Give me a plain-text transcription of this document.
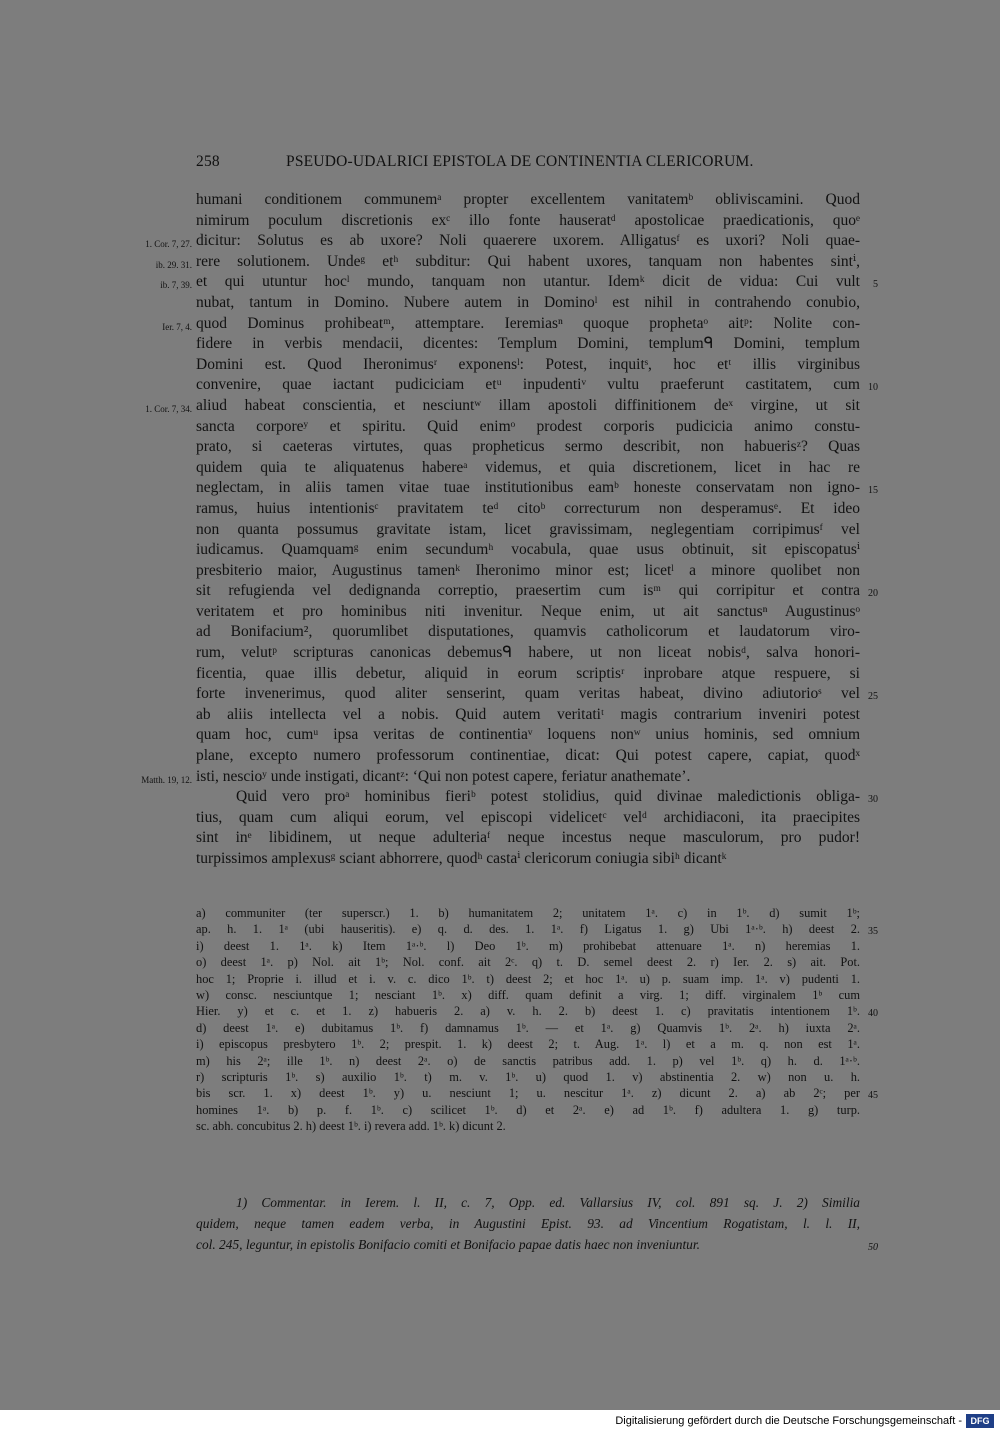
258	PSEUDO-UDALRICI EPISTOLA DE CONTINENTIA CLERICORUM.
humani conditionem communemᵃ propter excellentem vanitatemᵇ obliviscamini. Quod
nimirum poculum discretionis exᶜ illo fonte hauseratᵈ apostolicae praedicationis, quoᵉ
dicitur: Solutus es ab uxore? Noli quaerere uxorem. Alligatusᶠ es uxori? Noli quae-
1. Cor. 7, 27.
rere solutionem. Undeᵍ etʰ subditur: Qui habent uxores, tanquam non habentes sintⁱ,
ib. 29. 31.
et qui utuntur hocˡ mundo, tanquam non utantur. Idemᵏ dicit de vidua: Cui vult
ib. 7, 39.	5
nubat, tantum in Domino. Nubere autem in Dominoˡ est nihil in contrahendo conubio,
quod Dominus prohibeatᵐ, attemptare. Ieremiasⁿ quoque prophetaᵒ aitᵖ: Nolite con-
Ier. 7, 4.
fidere in verbis mendacii, dicentes: Templum Domini, templumᑫ Domini, templum
Domini est. Quod Iheronimusʳ exponensˡ: Potest, inquitˢ, hoc etᵗ illis virginibus
convenire, quae iactant pudiciciam etᵘ inpudentiᵛ vultu praeferunt castitatem, cum 10
aliud habeat conscientia, et nesciuntʷ illam apostoli diffinitionem deˣ virgine, ut sit
1. Cor. 7, 34.
sancta corporeʸ et spiritu. Quid enimᵒ prodest corporis pudicicia animo constu-
prato, si caeteras virtutes, quas propheticus sermo describit, non habuerisᶻ? Quas
quidem quia te aliquatenus habereᵃ videmus, et quia discretionem, licet in hac re
neglectam, in aliis tamen vitae tuae institutionibus eamᵇ honeste conservatam non igno- 15
ramus, huius intentionisᶜ pravitatem teᵈ citoᵇ correcturum non desperamusᵉ. Et ideo
non quanta possumus gravitate istam, licet gravissimam, neglegentiam corripimusᶠ vel
iudicamus. Quamquamᵍ enim secundumʰ vocabula, quae usus obtinuit, sit episcopatusⁱ
presbiterio maior, Augustinus tamenᵏ Iheronimo minor est; licetˡ a minore quolibet non
sit refugienda vel dedignanda correptio, praesertim cum isᵐ qui corripitur et contra 20
veritatem et pro hominibus niti invenitur. Neque enim, ut ait sanctusⁿ Augustinusᵒ
ad Bonifacium², quorumlibet disputationes, quamvis catholicorum et laudatorum viro-
rum, velutᵖ scripturas canonicas debemusᑫ habere, ut non liceat nobisᵈ, salva honori-
ficentia, quae illis debetur, aliquid in eorum scriptisʳ inprobare atque respuere, si
forte invenerimus, quod aliter senserint, quam veritas habeat, divino adiutorioˢ vel 25
ab aliis intellecta vel a nobis. Quid autem veritatiᵗ magis contrarium inveniri potest
quam hoc, cumᵘ ipsa veritas de continentiaᵛ loquens nonʷ unius hominis, sed omnium
plane, excepto numero professorum continentiae, dicat: Qui potest capere, capiat, quodˣ
isti, nescioʸ unde instigati, dicantᶻ: ‘Qui non potest capere, feriatur anathemate’.
Matth. 19, 12.
Quid vero proᵃ hominibus fieriᵇ potest stolidius, quid divinae maledictionis obliga- 30
tius, quam cum aliqui eorum, vel episcopi videlicetᶜ velᵈ archidiaconi, ita praecipites
sint inᵉ libidinem, ut neque adulteriaᶠ neque incestus neque masculorum, pro pudor!
turpissimos amplexusᵍ sciant abhorrere, quodʰ castaⁱ clericorum coniugia sibiʰ dicantᵏ
a) communiter (ter superscr.) 1. b) humanitatem 2; unitatem 1ᵃ. c) in 1ᵇ. d) sumit 1ᵇ;
ap. h. 1. 1ᵃ (ubi hauseritis). e) q. d. des. 1. 1ᵃ. f) Ligatus 1. g) Ubi 1ᵃ·ᵇ. h) deest 2. 35
i) deest 1. 1ᵃ. k) Item 1ᵃ·ᵇ. l) Deo 1ᵇ. m) prohibebat attenuare 1ᵃ. n) heremias 1.
o) deest 1ᵃ. p) Nol. ait 1ᵇ; Nol. conf. ait 2ᶜ. q) t. D. semel deest 2. r) Ier. 2. s) ait. Pot.
hoc 1; Proprie i. illud et i. v. c. dico 1ᵇ. t) deest 2; et hoc 1ᵃ. u) p. suam imp. 1ᵃ. v) pudenti 1.
w) consc. nesciuntque 1; nesciant 1ᵇ. x) diff. quam definit a virg. 1; diff. virginalem 1ᵇ cum
Hier. y) et c. et 1. z) habueris 2. a) v. h. 2. b) deest 1. c) pravitatis intentionem 1ᵇ. 40
d) deest 1ᵃ. e) dubitamus 1ᵇ. f) damnamus 1ᵇ. — et 1ᵃ. g) Quamvis 1ᵇ. 2ᵃ. h) iuxta 2ᵃ.
i) episcopus presbytero 1ᵇ. 2; prespit. 1. k) deest 2; t. Aug. 1ᵃ. l) et a m. q. non est 1ᵃ.
m) his 2ᵃ; ille 1ᵇ. n) deest 2ᵃ. o) de sanctis patribus add. 1. p) vel 1ᵇ. q) h. d. 1ᵃ·ᵇ.
r) scripturis 1ᵇ. s) auxilio 1ᵇ. t) m. v. 1ᵇ. u) quod 1. v) abstinentia 2. w) non u. h.
bis scr. 1. x) deest 1ᵇ. y) u. nesciunt 1; u. nescitur 1ᵃ. z) dicunt 2. a) ab 2ᶜ; per 45
homines 1ᵃ. b) p. f. 1ᵇ. c) scilicet 1ᵇ. d) et 2ᵃ. e) ad 1ᵇ. f) adultera 1. g) turp.
sc. abh. concubitus 2. h) deest 1ᵇ. i) revera add. 1ᵇ. k) dicunt 2.
1) Commentar. in Ierem. l. II, c. 7, Opp. ed. Vallarsius IV, col. 891 sq. J. 2) Similia
quidem, neque tamen eadem verba, in Augustini Epist. 93. ad Vincentium Rogatistam, l. l. II,
col. 245, leguntur, in epistolis Bonifacio comiti et Bonifacio papae datis haec non inveniuntur.	50
Digitalisierung gefördert durch die Deutsche Forschungsgemeinschaft - DFG
